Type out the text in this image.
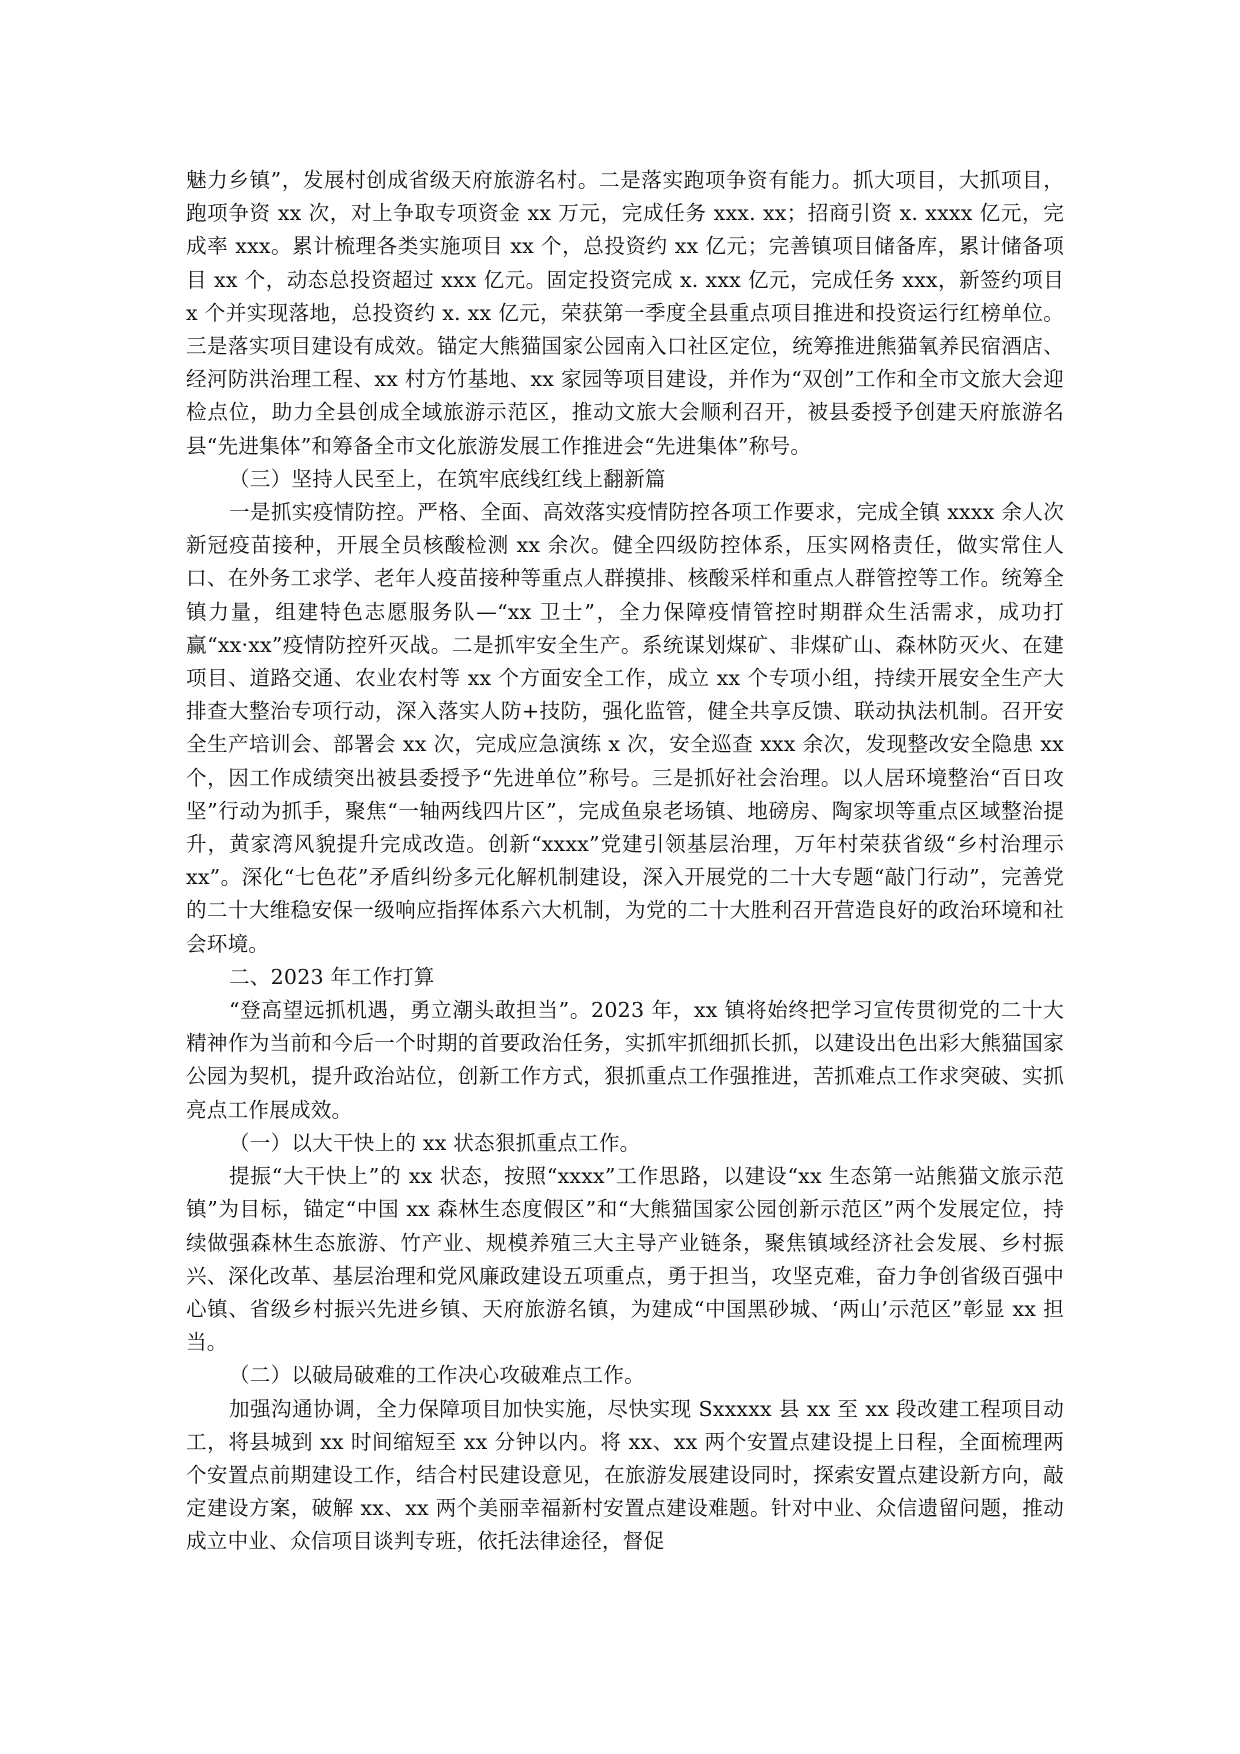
魅力乡镇”，发展村创成省级天府旅游名村。二是落实跑项争资有能力。抓大项目，大抓项目，跑项争资 xx 次，对上争取专项资金 xx 万元，完成任务 xxx. xx；招商引资 x. xxxx 亿元，完成率 xxx。累计梳理各类实施项目 xx 个，总投资约 xx 亿元；完善镇项目储备库，累计储备项目 xx 个，动态总投资超过 xxx 亿元。固定投资完成 x. xxx 亿元，完成任务 xxx，新签约项目 x 个并实现落地，总投资约 x. xx 亿元，荣获第一季度全县重点项目推进和投资运行红榜单位。三是落实项目建设有成效。锚定大熊猫国家公园南入口社区定位，统筹推进熊猫氧养民宿酒店、经河防洪治理工程、xx 村方竹基地、xx 家园等项目建设，并作为“双创”工作和全市文旅大会迎检点位，助力全县创成全域旅游示范区，推动文旅大会顺利召开，被县委授予创建天府旅游名县“先进集体”和筹备全市文化旅游发展工作推进会“先进集体”称号。

（三）坚持人民至上，在筑牢底线红线上翻新篇

一是抓实疫情防控。严格、全面、高效落实疫情防控各项工作要求，完成全镇 xxxx 余人次新冠疫苗接种，开展全员核酸检测 xx 余次。健全四级防控体系，压实网格责任，做实常住人口、在外务工求学、老年人疫苗接种等重点人群摸排、核酸采样和重点人群管控等工作。统筹全镇力量，组建特色志愿服务队—“xx 卫士”，全力保障疫情管控时期群众生活需求，成功打赢“xx·xx”疫情防控歼灭战。二是抓牢安全生产。系统谋划煤矿、非煤矿山、森林防灭火、在建项目、道路交通、农业农村等 xx 个方面安全工作，成立 xx 个专项小组，持续开展安全生产大排查大整治专项行动，深入落实人防+技防，强化监管，健全共享反馈、联动执法机制。召开安全生产培训会、部署会 xx 次，完成应急演练 x 次，安全巡查 xxx 余次，发现整改安全隐患 xx 个，因工作成绩突出被县委授予“先进单位”称号。三是抓好社会治理。以人居环境整治“百日攻坚”行动为抓手，聚焦“一轴两线四片区”，完成鱼泉老场镇、地磅房、陶家坝等重点区域整治提升，黄家湾风貌提升完成改造。创新“xxxx”党建引领基层治理，万年村荣获省级“乡村治理示 xx”。深化“七色花”矛盾纠纷多元化解机制建设，深入开展党的二十大专题“敲门行动”，完善党的二十大维稳安保一级响应指挥体系六大机制，为党的二十大胜利召开营造良好的政治环境和社会环境。

二、2023 年工作打算

“登高望远抓机遇，勇立潮头敢担当”。2023 年，xx 镇将始终把学习宣传贯彻党的二十大精神作为当前和今后一个时期的首要政治任务，实抓牢抓细抓长抓，以建设出色出彩大熊猫国家公园为契机，提升政治站位，创新工作方式，狠抓重点工作强推进，苦抓难点工作求突破、实抓亮点工作展成效。

（一）以大干快上的 xx 状态狠抓重点工作。

提振“大干快上”的 xx 状态，按照“xxxx”工作思路，以建设“xx 生态第一站熊猫文旅示范镇”为目标，锚定“中国 xx 森林生态度假区”和“大熊猫国家公园创新示范区”两个发展定位，持续做强森林生态旅游、竹产业、规模养殖三大主导产业链条，聚焦镇域经济社会发展、乡村振兴、深化改革、基层治理和党风廉政建设五项重点，勇于担当，攻坚克难，奋力争创省级百强中心镇、省级乡村振兴先进乡镇、天府旅游名镇，为建成“中国黑砂城、‘两山’示范区”彰显 xx 担当。

（二）以破局破难的工作决心攻破难点工作。

加强沟通协调，全力保障项目加快实施，尽快实现 Sxxxxx 县 xx 至 xx 段改建工程项目动工，将县城到 xx 时间缩短至 xx 分钟以内。将 xx、xx 两个安置点建设提上日程，全面梳理两个安置点前期建设工作，结合村民建设意见，在旅游发展建设同时，探索安置点建设新方向，敲定建设方案，破解 xx、xx 两个美丽幸福新村安置点建设难题。针对中业、众信遗留问题，推动成立中业、众信项目谈判专班，依托法律途径，督促
